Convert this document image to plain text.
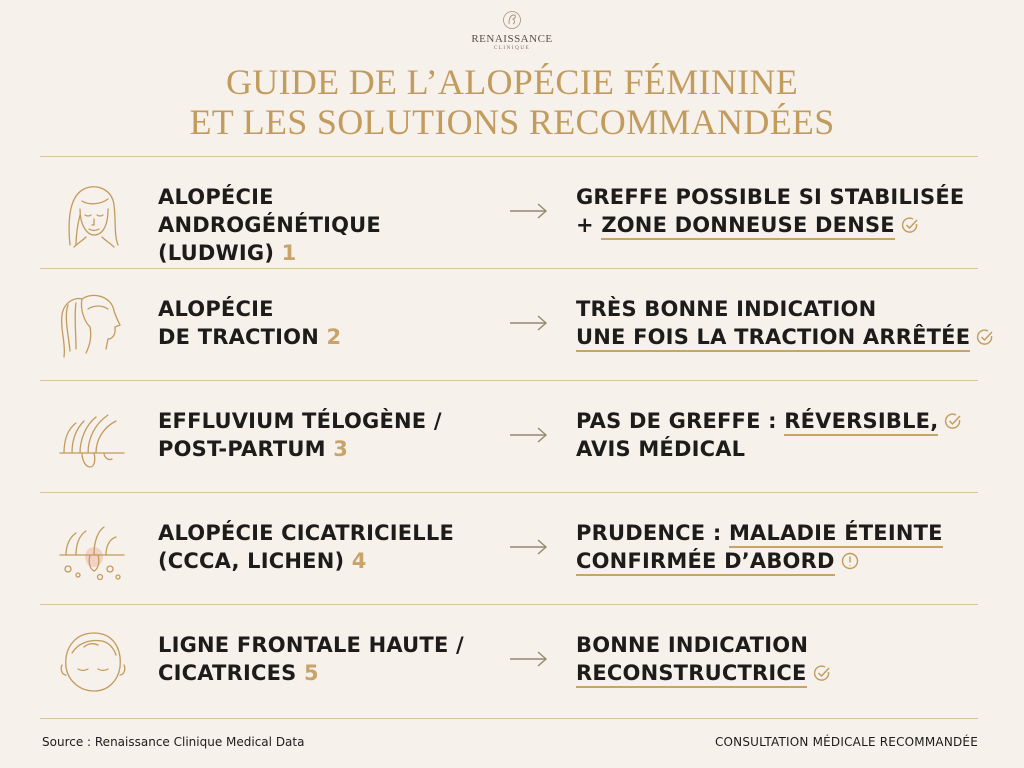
RENAISSANCE
CLINIQUE
GUIDE DE L’ALOPÉCIE FÉMININE
ET LES SOLUTIONS RECOMMANDÉES
ALOPÉCIE ANDROGÉNÉTIQUE
(LUDWIG) 1
GREFFE POSSIBLE SI STABILISÉE
+ ZONE DONNEUSE DENSE
ALOPÉCIE
DE TRACTION 2
TRÈS BONNE INDICATION
UNE FOIS LA TRACTION ARRÊTÉE
EFFLUVIUM TÉLOGÈNE /
POST-PARTUM 3
PAS DE GREFFE : RÉVERSIBLE,
AVIS MÉDICAL
ALOPÉCIE CICATRICIELLE
(CCCA, LICHEN) 4
PRUDENCE : MALADIE ÉTEINTE
CONFIRMÉE D’ABORD
LIGNE FRONTALE HAUTE /
CICATRICES 5
BONNE INDICATION
RECONSTRUCTRICE
Source : Renaissance Clinique Medical Data	CONSULTATION MÉDICALE RECOMMANDÉE
